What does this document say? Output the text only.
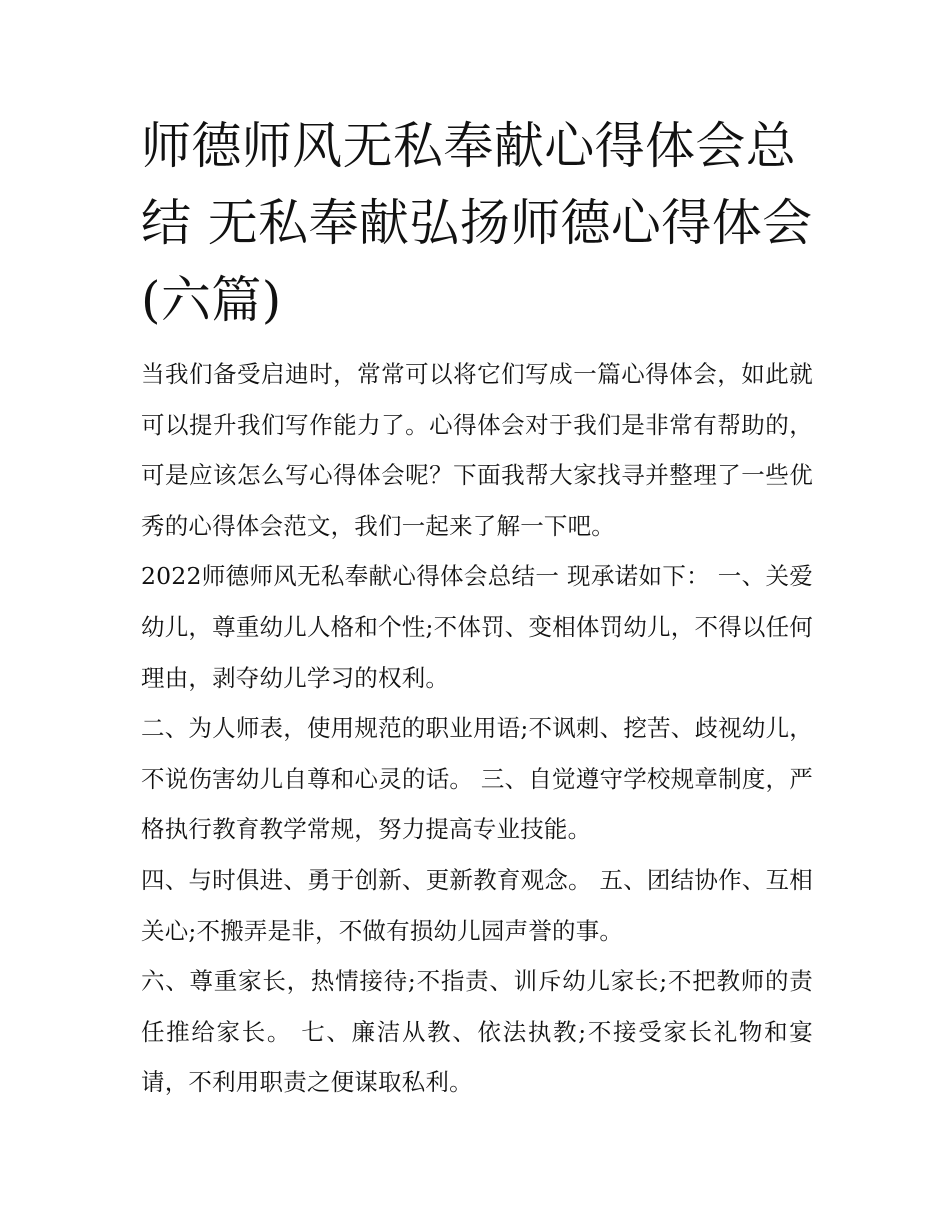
师德师风无私奉献心得体会总结 无私奉献弘扬师德心得体会(六篇)

当我们备受启迪时，常常可以将它们写成一篇心得体会，如此就可以提升我们写作能力了。心得体会对于我们是非常有帮助的，可是应该怎么写心得体会呢？下面我帮大家找寻并整理了一些优秀的心得体会范文，我们一起来了解一下吧。

2022师德师风无私奉献心得体会总结一 现承诺如下： 一、关爱幼儿，尊重幼儿人格和个性;不体罚、变相体罚幼儿，不得以任何理由，剥夺幼儿学习的权利。

二、为人师表，使用规范的职业用语;不讽刺、挖苦、歧视幼儿，不说伤害幼儿自尊和心灵的话。 三、自觉遵守学校规章制度，严格执行教育教学常规，努力提高专业技能。

四、与时俱进、勇于创新、更新教育观念。 五、团结协作、互相关心;不搬弄是非，不做有损幼儿园声誉的事。

六、尊重家长，热情接待;不指责、训斥幼儿家长;不把教师的责任推给家长。 七、廉洁从教、依法执教;不接受家长礼物和宴请，不利用职责之便谋取私利。
